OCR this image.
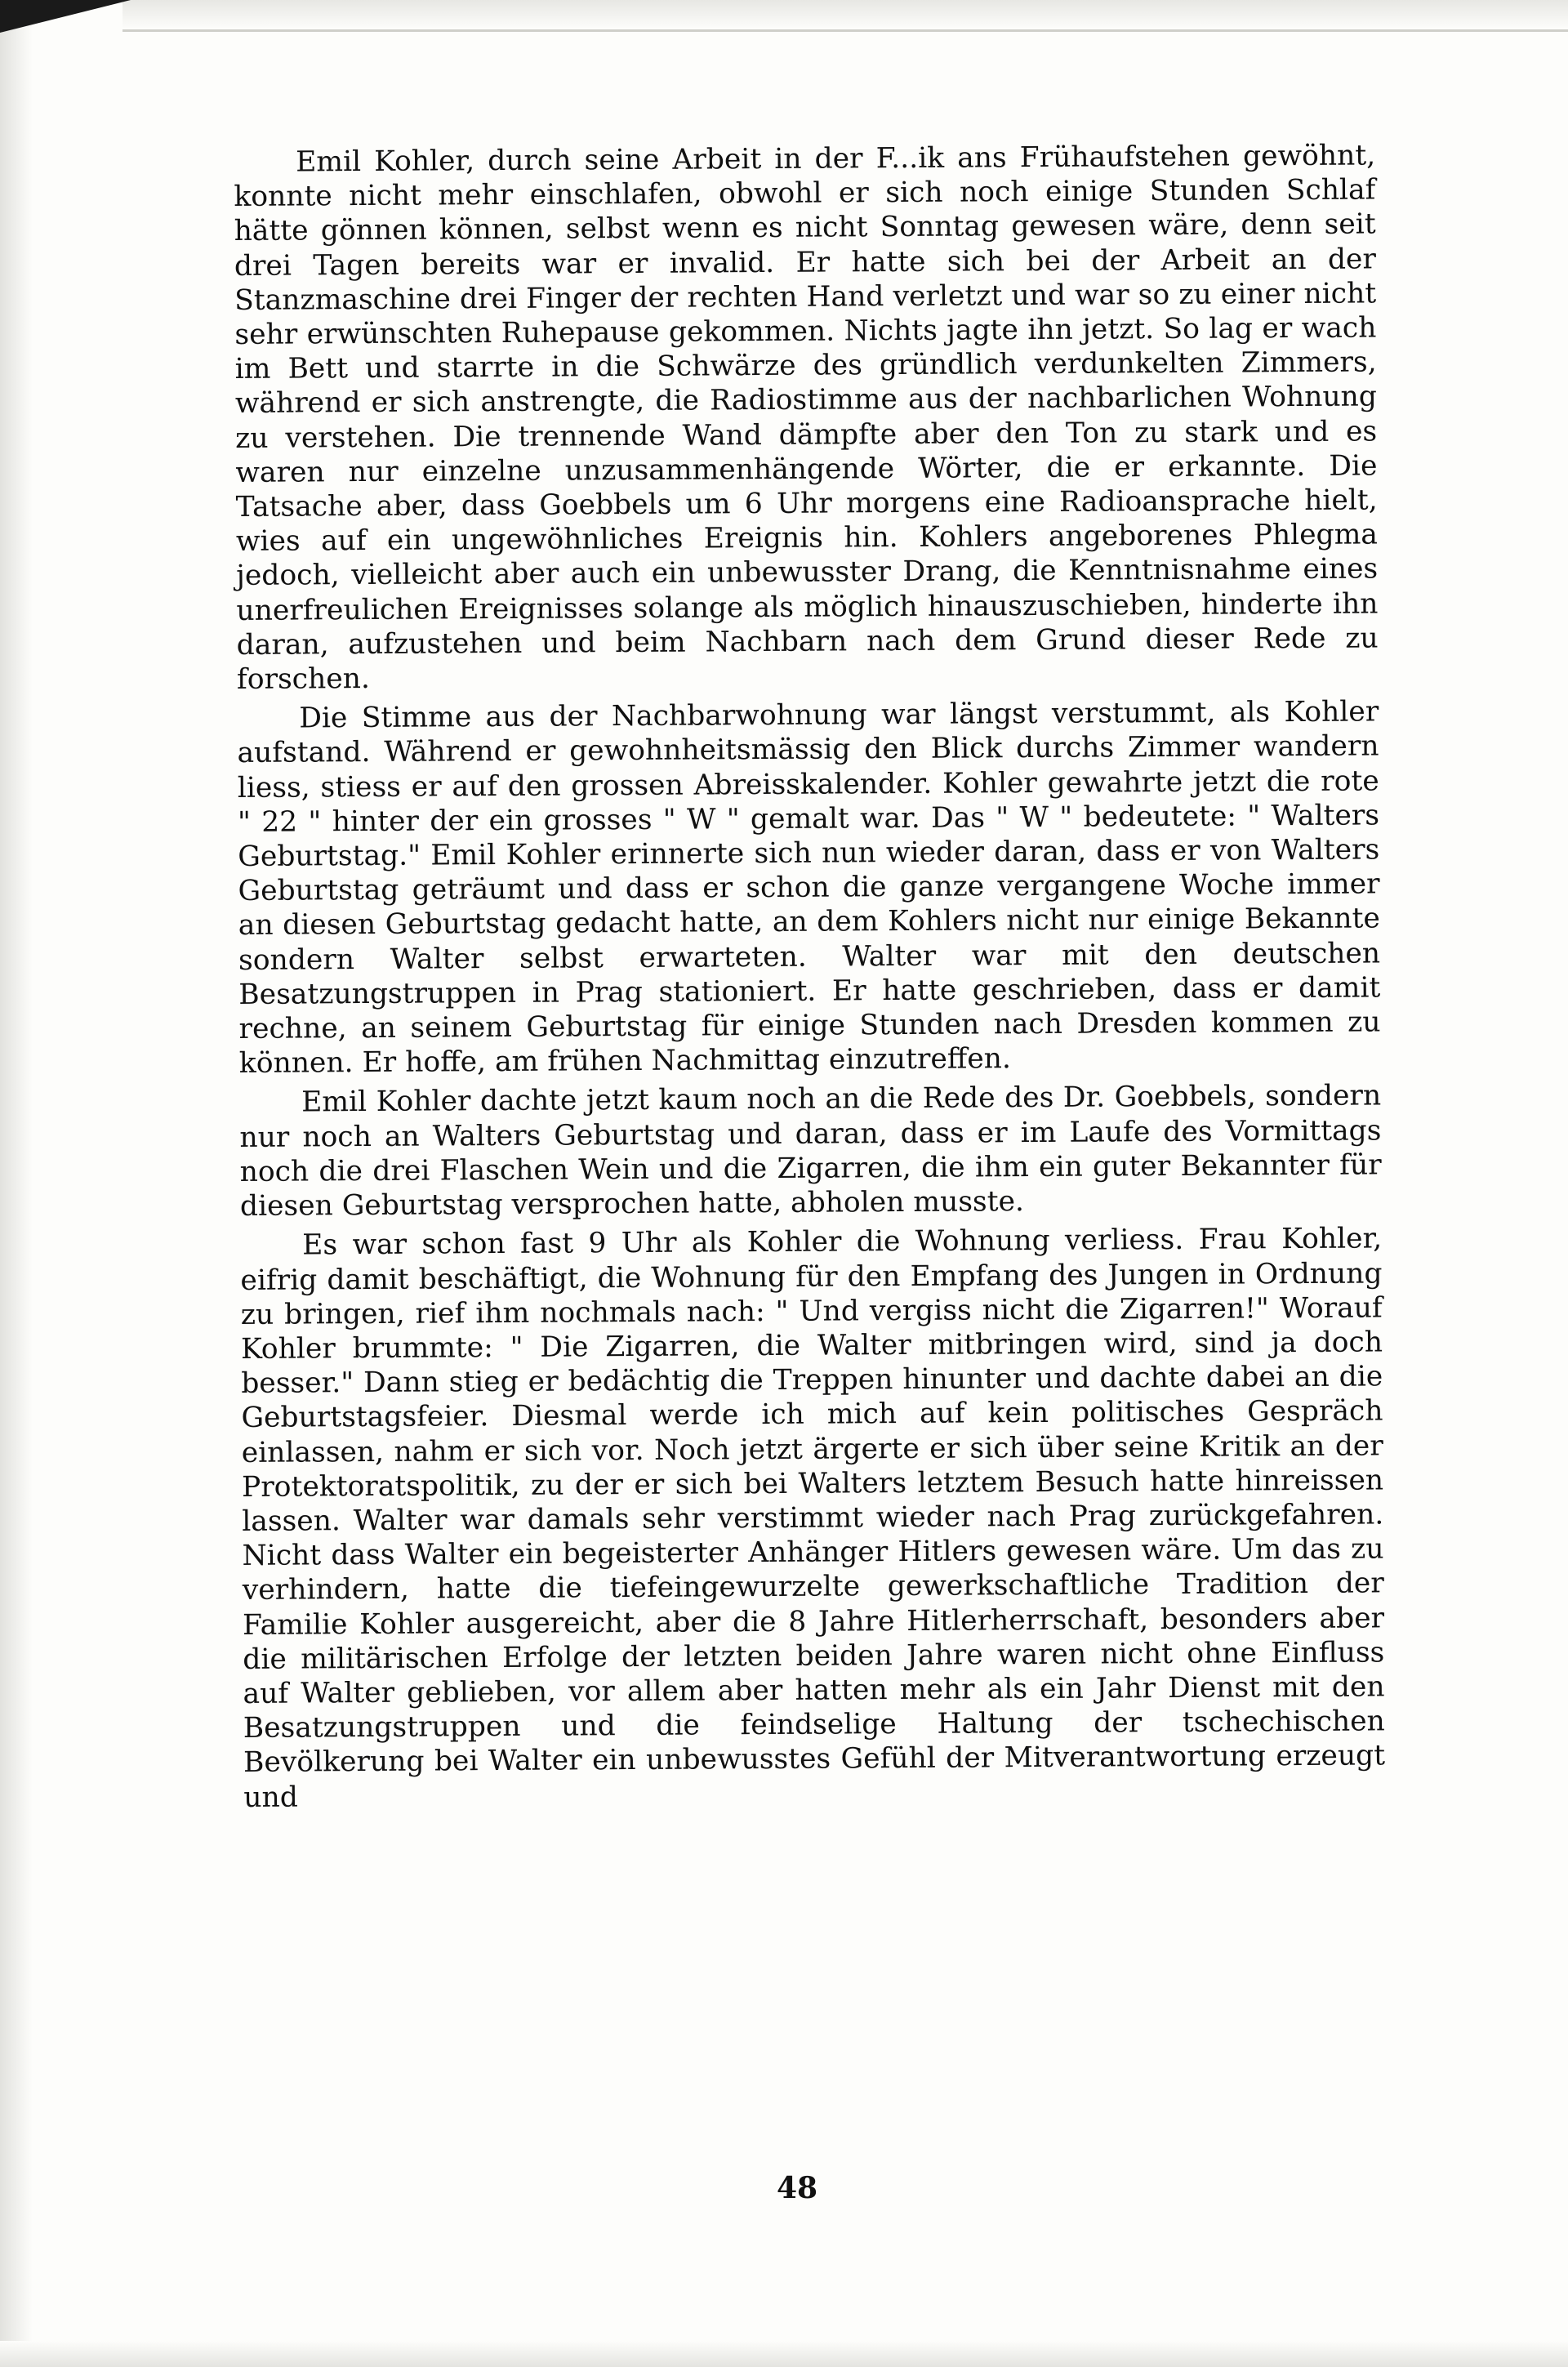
Emil Kohler, durch seine Arbeit in der F...ik ans Frühaufstehen gewöhnt, konnte nicht mehr einschlafen, obwohl er sich noch einige Stunden Schlaf hätte gönnen können, selbst wenn es nicht Sonntag gewesen wäre, denn seit drei Tagen bereits war er invalid. Er hatte sich bei der Arbeit an der Stanzmaschine drei Finger der rechten Hand verletzt und war so zu einer nicht sehr erwünschten Ruhepause gekommen. Nichts jagte ihn jetzt. So lag er wach im Bett und starrte in die Schwärze des gründlich verdunkelten Zimmers, während er sich anstrengte, die Radiostimme aus der nachbarlichen Wohnung zu verstehen. Die trennende Wand dämpfte aber den Ton zu stark und es waren nur einzelne unzusammenhängende Wörter, die er erkannte. Die Tatsache aber, dass Goebbels um 6 Uhr morgens eine Radioansprache hielt, wies auf ein ungewöhnliches Ereignis hin. Kohlers angeborenes Phlegma jedoch, vielleicht aber auch ein unbewusster Drang, die Kenntnisnahme eines unerfreulichen Ereignisses solange als möglich hinauszuschieben, hinderte ihn daran, aufzustehen und beim Nachbarn nach dem Grund dieser Rede zu forschen.

Die Stimme aus der Nachbarwohnung war längst verstummt, als Kohler aufstand. Während er gewohnheitsmässig den Blick durchs Zimmer wandern liess, stiess er auf den grossen Abreisskalender. Kohler gewahrte jetzt die rote " 22 " hinter der ein grosses " W " gemalt war. Das " W " bedeutete: " Walters Geburtstag." Emil Kohler erinnerte sich nun wieder daran, dass er von Walters Geburtstag geträumt und dass er schon die ganze vergangene Woche immer an diesen Geburtstag gedacht hatte, an dem Kohlers nicht nur einige Bekannte sondern Walter selbst erwarteten. Walter war mit den deutschen Besatzungstruppen in Prag stationiert. Er hatte geschrieben, dass er damit rechne, an seinem Geburtstag für einige Stunden nach Dresden kommen zu können. Er hoffe, am frühen Nachmittag einzutreffen.

Emil Kohler dachte jetzt kaum noch an die Rede des Dr. Goebbels, sondern nur noch an Walters Geburtstag und daran, dass er im Laufe des Vormittags noch die drei Flaschen Wein und die Zigarren, die ihm ein guter Bekannter für diesen Geburtstag versprochen hatte, abholen musste.

Es war schon fast 9 Uhr als Kohler die Wohnung verliess. Frau Kohler, eifrig damit beschäftigt, die Wohnung für den Empfang des Jungen in Ordnung zu bringen, rief ihm nochmals nach: " Und vergiss nicht die Zigarren!" Worauf Kohler brummte: " Die Zigarren, die Walter mitbringen wird, sind ja doch besser." Dann stieg er bedächtig die Treppen hinunter und dachte dabei an die Geburtstagsfeier. Diesmal werde ich mich auf kein politisches Gespräch einlassen, nahm er sich vor. Noch jetzt ärgerte er sich über seine Kritik an der Protektoratspolitik, zu der er sich bei Walters letztem Besuch hatte hinreissen lassen. Walter war damals sehr verstimmt wieder nach Prag zurückgefahren. Nicht dass Walter ein begeisterter Anhänger Hitlers gewesen wäre. Um das zu verhindern, hatte die tiefeingewurzelte gewerkschaftliche Tradition der Familie Kohler ausgereicht, aber die 8 Jahre Hitlerherrschaft, besonders aber die militärischen Erfolge der letzten beiden Jahre waren nicht ohne Einfluss auf Walter geblieben, vor allem aber hatten mehr als ein Jahr Dienst mit den Besatzungstruppen und die feindselige Haltung der tschechischen Bevölkerung bei Walter ein unbewusstes Gefühl der Mitverantwortung erzeugt und

48
